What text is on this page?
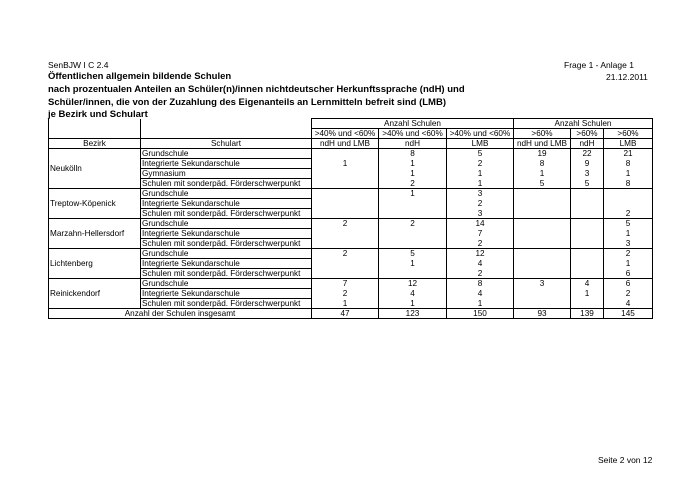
SenBJW I C 2.4	Frage 1 - Anlage 1
21.12.2011
Öffentlichen allgemein bildende Schulen
nach prozentualen Anteilen an Schüler(n)/innen nichtdeutscher Herkunftssprache (ndH) und
Schüler/innen, die von der Zuzahlung des Eigenanteils an Lernmitteln befreit sind (LMB)
je Bezirk und Schulart
		Anzahl Schulen			Anzahl Schulen		
		>40% und <60%	>40% und <60%	>40% und <60%	>60%	>60%	>60%
Bezirk	Schulart	ndH und LMB	ndH	LMB	ndH und LMB	ndH	LMB
Neukölln	Grundschule		8	5	19	22	21
	Integrierte Sekundarschule	1	1	2	8	9	8
	Gymnasium		1	1	1	3	1
	Schulen mit sonderpäd. Förderschwerpunkt		2	1	5	5	8
Treptow-Köpenick	Grundschule		1	3			
	Integrierte Sekundarschule			2			
	Schulen mit sonderpäd. Förderschwerpunkt			3			2
Marzahn-Hellersdorf	Grundschule	2	2	14			5
	Integrierte Sekundarschule			7			1
	Schulen mit sonderpäd. Förderschwerpunkt			2			3
Lichtenberg	Grundschule	2	5	12			2
	Integrierte Sekundarschule		1	4			1
	Schulen mit sonderpäd. Förderschwerpunkt			2			6
Reinickendorf	Grundschule	7	12	8	3	4	6
	Integrierte Sekundarschule	2	4	4		1	2
	Schulen mit sonderpäd. Förderschwerpunkt	1	1	1			4
Anzahl der Schulen insgesamt		47	123	150	93	139	145
Seite 2 von 12
